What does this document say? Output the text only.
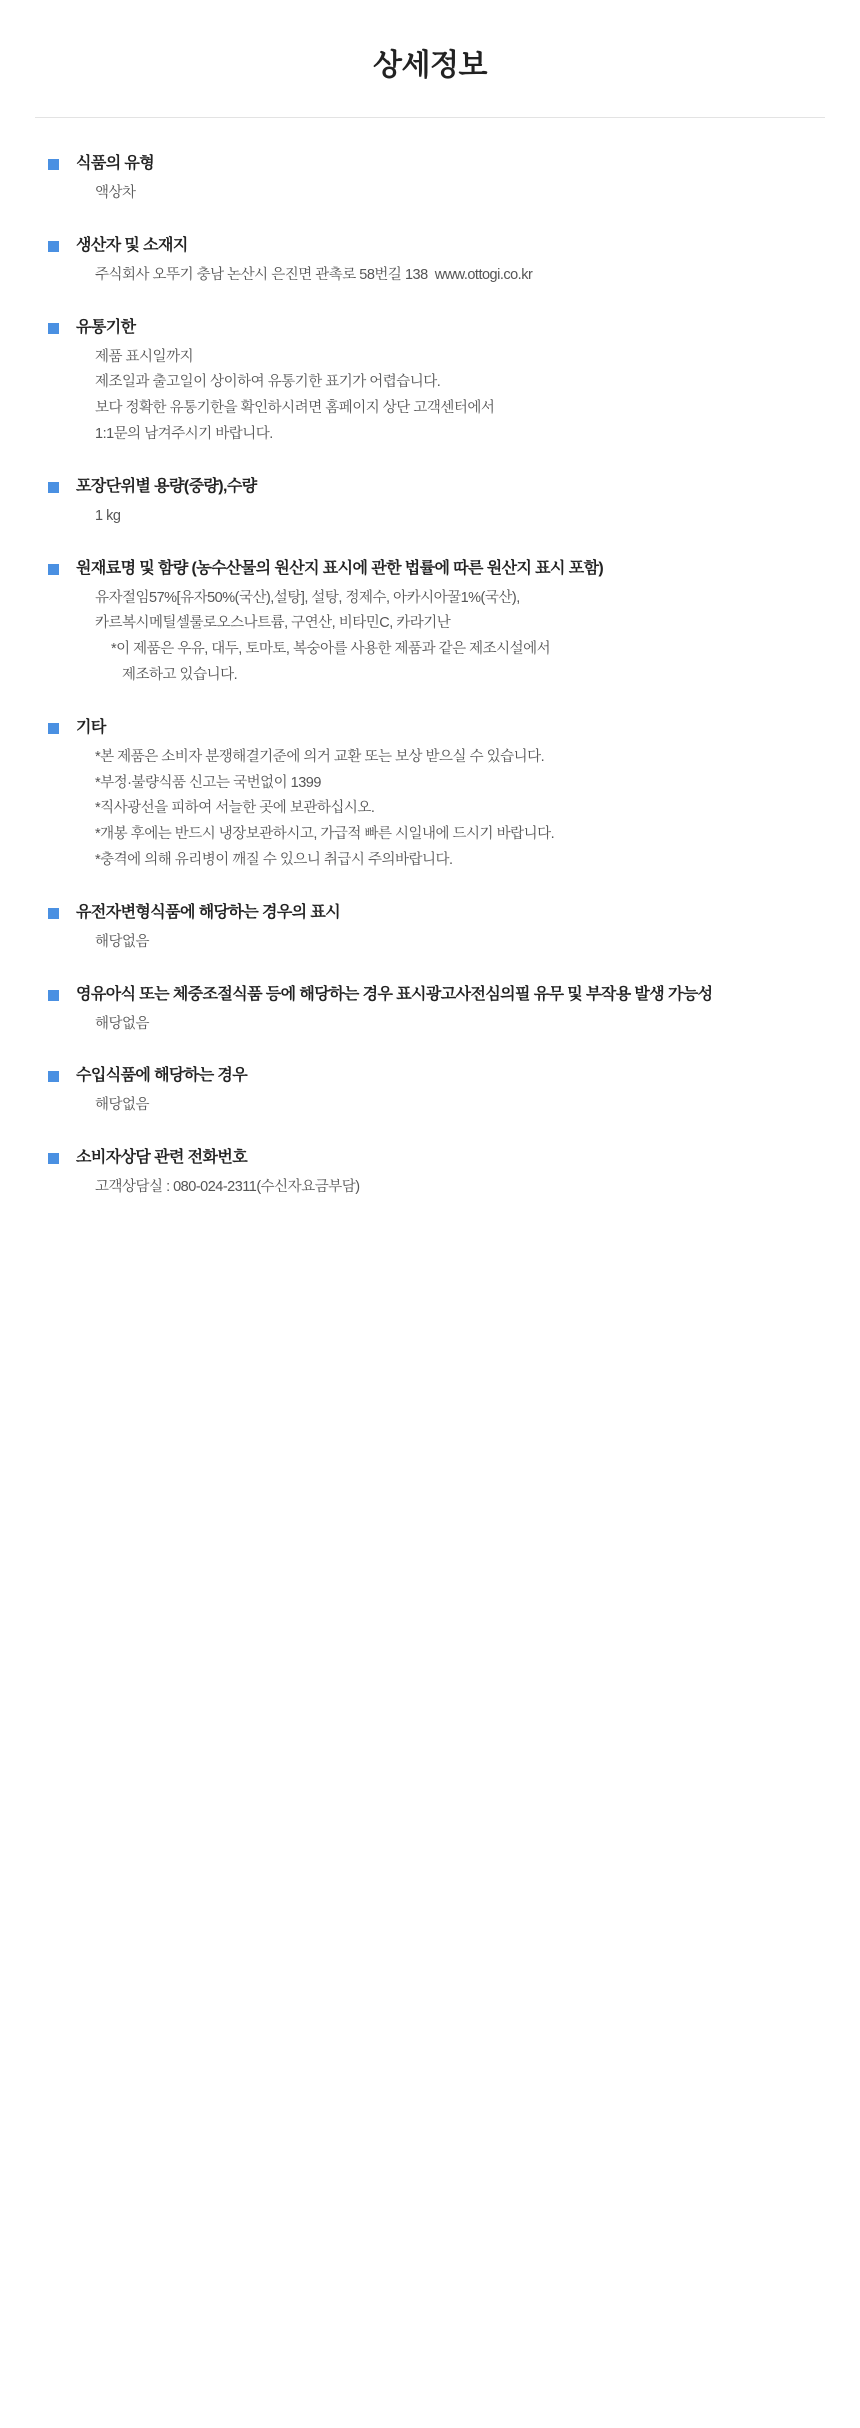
상세정보
식품의 유형
액상차
생산자 및 소재지
주식회사 오뚜기 충남 논산시 은진면 관촉로 58번길 138  www.ottogi.co.kr
유통기한
제품 표시일까지
제조일과 출고일이 상이하여 유통기한 표기가 어렵습니다.
보다 정확한 유통기한을 확인하시려면 홈페이지 상단 고객센터에서
1:1문의 남겨주시기 바랍니다.
포장단위별 용량(중량),수량
1 kg
원재료명 및 함량 (농수산물의 원산지 표시에 관한 법률에 따른 원산지 표시 포함)
유자절임57%[유자50%(국산),설탕], 설탕, 정제수, 아카시아꿀1%(국산),
카르복시메틸셀룰로오스나트륨, 구연산, 비타민C, 카라기난
*이 제품은 우유, 대두, 토마토, 복숭아를 사용한 제품과 같은 제조시설에서
제조하고 있습니다.
기타
*본 제품은 소비자 분쟁해결기준에 의거 교환 또는 보상 받으실 수 있습니다.
*부정·불량식품 신고는 국번없이 1399
*직사광선을 피하여 서늘한 곳에 보관하십시오.
*개봉 후에는 반드시 냉장보관하시고, 가급적 빠른 시일내에 드시기 바랍니다.
*충격에 의해 유리병이 깨질 수 있으니 취급시 주의바랍니다.
유전자변형식품에 해당하는 경우의 표시
해당없음
영유아식 또는 체중조절식품 등에 해당하는 경우 표시광고사전심의필 유무 및 부작용 발생 가능성
해당없음
수입식품에 해당하는 경우
해당없음
소비자상담 관련 전화번호
고객상담실 : 080-024-2311(수신자요금부담)
